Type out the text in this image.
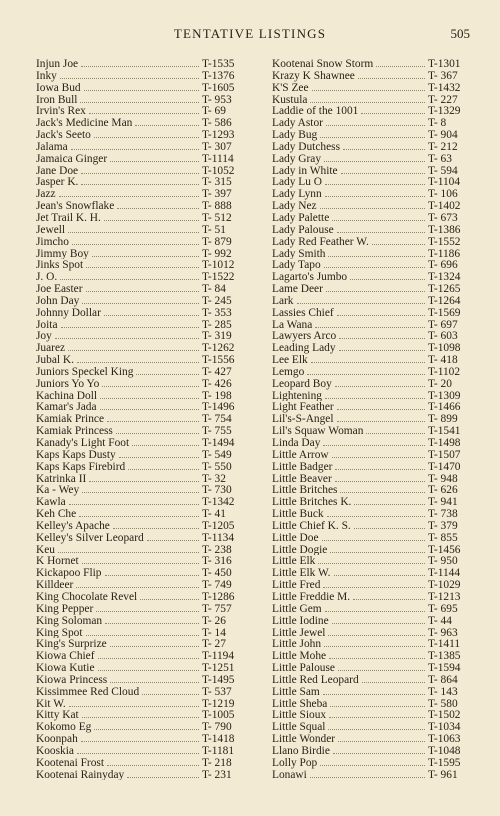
TENTATIVE LISTINGS	505
Injun Joe	T-1535
Inky	T-1376
Iowa Bud	T-1605
Iron Bull	T- 953
Irvin's Rex	T- 69
Jack's Medicine Man	T- 586
Jack's Seeto	T-1293
Jalama	T- 307
Jamaica Ginger	T-1114
Jane Doe	T-1052
Jasper K.	T- 315
Jazz	T- 397
Jean's Snowflake	T- 888
Jet Trail K. H.	T- 512
Jewell	T- 51
Jimcho	T- 879
Jimmy Boy	T- 992
Jinks Spot	T-1012
J. O.	T-1522
Joe Easter	T- 84
John Day	T- 245
Johnny Dollar	T- 353
Joita	T- 285
Joy	T- 319
Juarez	T-1262
Jubal K.	T-1556
Juniors Speckel King	T- 427
Juniors Yo Yo	T- 426
Kachina Doll	T- 198
Kamar's Jada	T-1496
Kamiak Prince	T- 754
Kamiak Princess	T- 755
Kanady's Light Foot	T-1494
Kaps Kaps Dusty	T- 549
Kaps Kaps Firebird	T- 550
Katrinka II	T- 32
Ka - Wey	T- 730
Kawla	T-1342
Keh Che	T- 41
Kelley's Apache	T-1205
Kelley's Silver Leopard	T-1134
Keu	T- 238
K Hornet	T- 316
Kickapoo Flip	T- 450
Killdeer	T- 749
King Chocolate Revel	T-1286
King Pepper	T- 757
King Soloman	T- 26
King Spot	T- 14
King's Surprize	T- 27
Kiowa Chief	T-1194
Kiowa Kutie	T-1251
Kiowa Princess	T-1495
Kissimmee Red Cloud	T- 537
Kit W.	T-1219
Kitty Kat	T-1005
Kokomo Eg	T- 790
Koonpah	T-1418
Kooskia	T-1181
Kootenai Frost	T- 218
Kootenai Rainyday	T- 231
Kootenai Snow Storm	T-1301
Krazy K Shawnee	T- 367
K'S Zee	T-1432
Kustula	T- 227
Laddie of the 1001	T-1329
Lady Astor	T- 8
Lady Bug	T- 904
Lady Dutchess	T- 212
Lady Gray	T- 63
Lady in White	T- 594
Lady Lu O	T-1104
Lady Lynn	T- 106
Lady Nez	T-1402
Lady Palette	T- 673
Lady Palouse	T-1386
Lady Red Feather W.	T-1552
Lady Smith	T-1186
Lady Tapo	T- 696
Lagarto's Jumbo	T-1324
Lame Deer	T-1265
Lark	T-1264
Lassies Chief	T-1569
La Wana	T- 697
Lawyers Arco	T- 603
Leading Lady	T-1098
Lee Elk	T- 418
Lemgo	T-1102
Leopard Boy	T- 20
Lightening	T-1309
Light Feather	T-1466
Lil's-S-Angel	T- 899
Lil's Squaw Woman	T-1541
Linda Day	T-1498
Little Arrow	T-1507
Little Badger	T-1470
Little Beaver	T- 948
Little Britches	T- 626
Little Britches K.	T- 941
Little Buck	T- 738
Little Chief K. S.	T- 379
Little Doe	T- 855
Little Dogie	T-1456
Little Elk	T- 950
Little Elk W.	T-1144
Little Fred	T-1029
Little Freddie M.	T-1213
Little Gem	T- 695
Little Iodine	T- 44
Little Jewel	T- 963
Little John	T-1411
Little Mohe	T-1385
Little Palouse	T-1594
Little Red Leopard	T- 864
Little Sam	T- 143
Little Sheba	T- 580
Little Sioux	T-1502
Little Squal	T-1034
Little Wonder	T-1063
Llano Birdie	T-1048
Lolly Pop	T-1595
Lonawi	T- 961
